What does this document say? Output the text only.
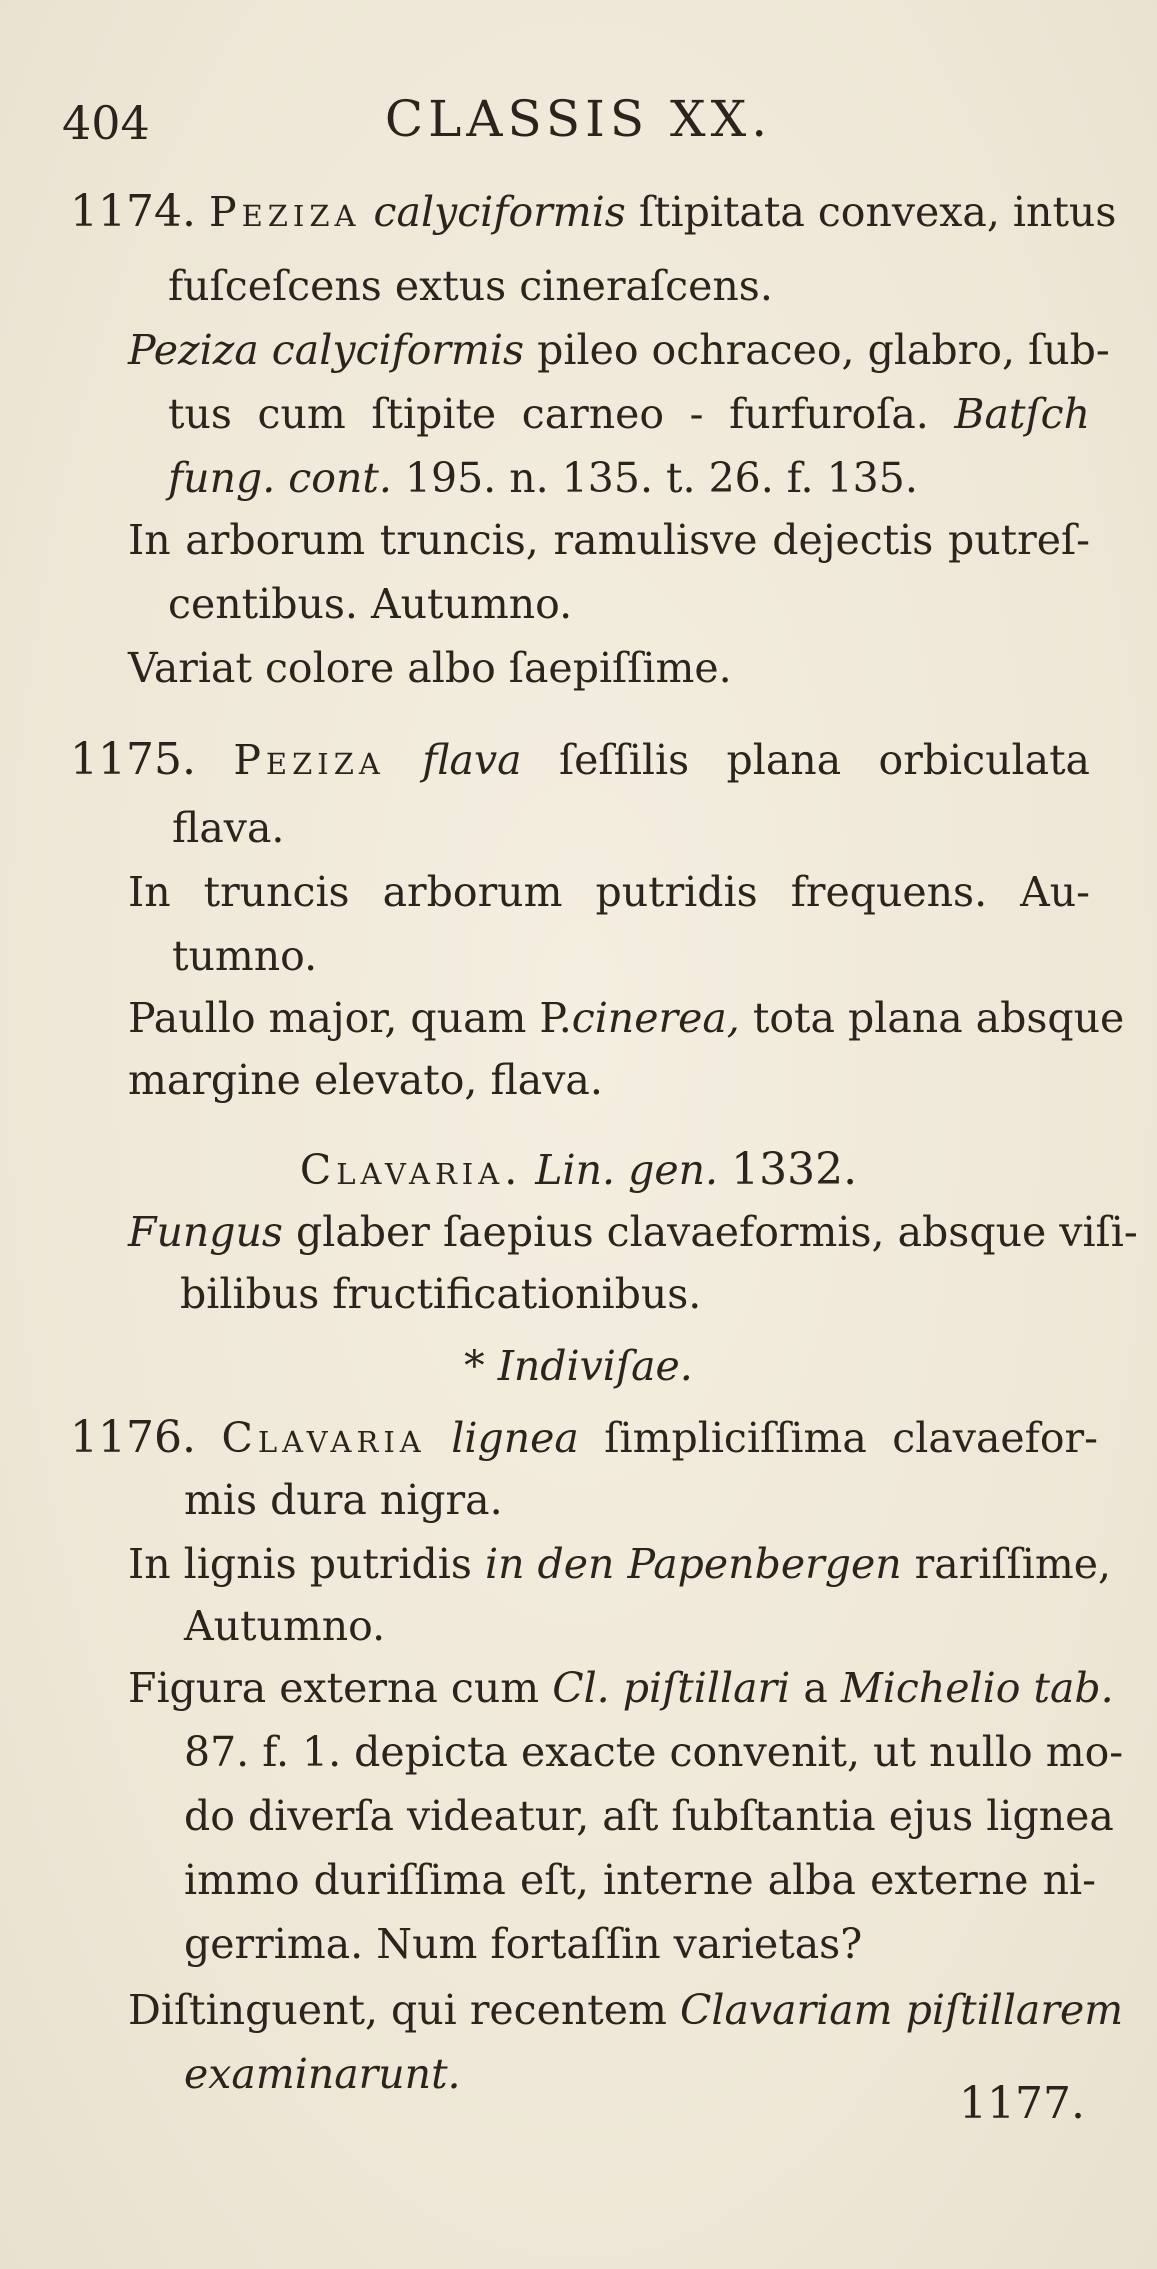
404	CLASSIS XX.
1174. Peziza calyciformis ſtipitata convexa, intus
fuſceſcens extus cineraſcens.
Peziza calyciformis pileo ochraceo, glabro, ſub-
tus cum ſtipite carneo - furfuroſa. Batſch
fung. cont. 195. n. 135. t. 26. f. 135.
In arborum truncis, ramulisve dejectis putreſ-
centibus. Autumno.
Variat colore albo ſaepiſſime.
1175. Peziza flava ſeſſilis plana orbiculata
flava.
In truncis arborum putridis frequens. Au-
tumno.
Paullo major, quam P.cinerea, tota plana absque
margine elevato, flava.
Clavaria. Lin. gen. 1332.
Fungus glaber ſaepius clavaeformis, absque viſi-
bilibus fructificationibus.
* Indiviſae.
1176. Clavaria lignea ſimpliciſſima clavaefor-
mis dura nigra.
In lignis putridis in den Papenbergen rariſſime,
Autumno.
Figura externa cum Cl. piſtillari a Michelio tab.
87. f. 1. depicta exacte convenit, ut nullo mo-
do diverſa videatur, aſt ſubſtantia ejus lignea
immo duriſſima eſt, interne alba externe ni-
gerrima. Num fortaſſin varietas?
Diſtinguent, qui recentem Clavariam piſtillarem
examinarunt.
1177.
